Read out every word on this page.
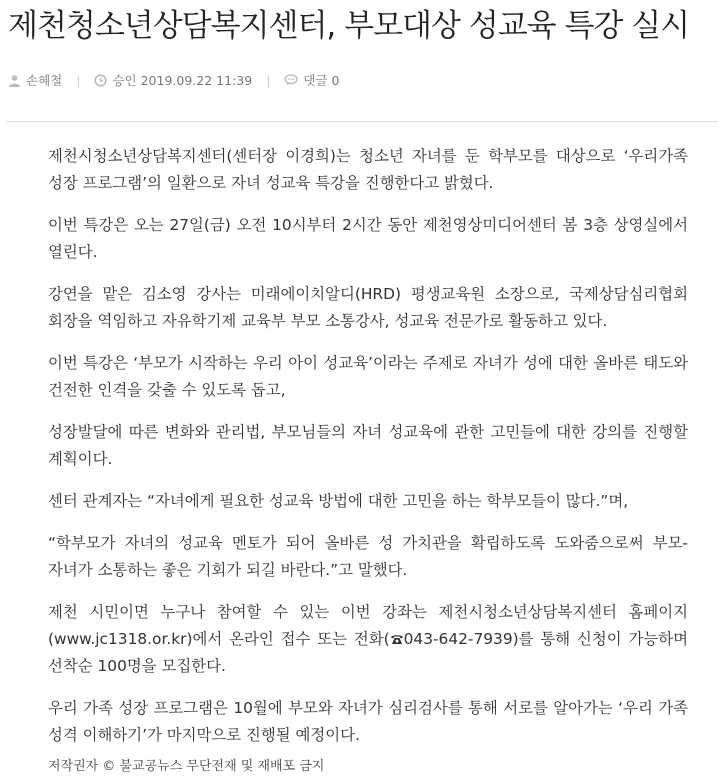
제천청소년상담복지센터, 부모대상 성교육 특강 실시
손혜철 |	승인 2019.09.22 11:39 |	댓글 0

제천시청소년상담복지센터(센터장 이경희)는 청소년 자녀를 둔 학부모를 대상으로 ‘우리가족 성장 프로그램’의 일환으로 자녀 성교육 특강을 진행한다고 밝혔다.

이번 특강은 오는 27일(금) 오전 10시부터 2시간 동안 제천영상미디어센터 봄 3층 상영실에서 열린다.

강연을 맡은 김소영 강사는 미래에이치알디(HRD) 평생교육원 소장으로, 국제상담심리협회 회장을 역임하고 자유학기제 교육부 부모 소통강사, 성교육 전문가로 활동하고 있다.

이번 특강은 ‘부모가 시작하는 우리 아이 성교육’이라는 주제로 자녀가 성에 대한 올바른 태도와 건전한 인격을 갖출 수 있도록 돕고,

성장발달에 따른 변화와 관리법, 부모님들의 자녀 성교육에 관한 고민들에 대한 강의를 진행할 계획이다.

센터 관계자는 “자녀에게 필요한 성교육 방법에 대한 고민을 하는 학부모들이 많다.”며,

“학부모가 자녀의 성교육 멘토가 되어 올바른 성 가치관을 확립하도록 도와줌으로써 부모-자녀가 소통하는 좋은 기회가 되길 바란다.”고 말했다.

제천 시민이면 누구나 참여할 수 있는 이번 강좌는 제천시청소년상담복지센터 홈페이지(www.jc1318.or.kr)에서 온라인 접수 또는 전화( 043-642-7939)를 통해 신청이 가능하며 선착순 100명을 모집한다.

우리 가족 성장 프로그램은 10월에 부모와 자녀가 심리검사를 통해 서로를 알아가는 ‘우리 가족 성격 이해하기’가 마지막으로 진행될 예정이다.

저작권자 © 불교공뉴스 무단전재 및 재배포 금지
